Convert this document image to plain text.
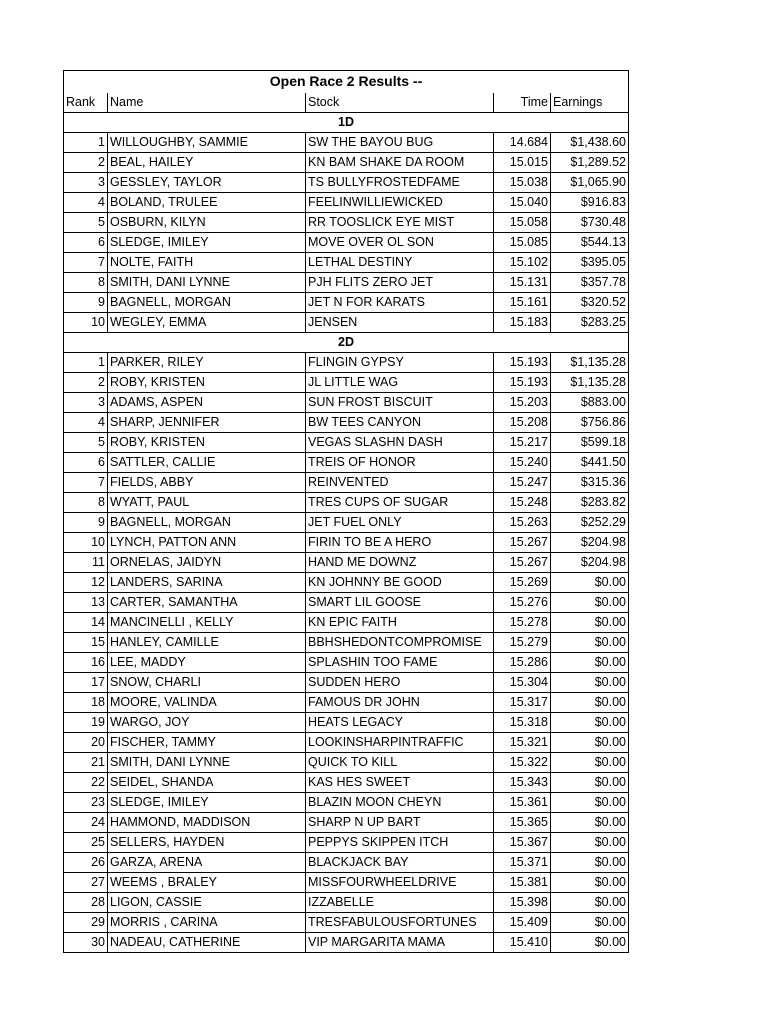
Open Race 2 Results --				
Rank	Name	Stock	Time	Earnings
1D				
1	WILLOUGHBY, SAMMIE	SW THE BAYOU BUG	14.684	$1,438.60
2	BEAL, HAILEY	KN BAM SHAKE DA ROOM	15.015	$1,289.52
3	GESSLEY, TAYLOR	TS BULLYFROSTEDFAME	15.038	$1,065.90
4	BOLAND, TRULEE	FEELINWILLIEWICKED	15.040	$916.83
5	OSBURN, KILYN	RR TOOSLICK EYE MIST	15.058	$730.48
6	SLEDGE, IMILEY	MOVE OVER OL SON	15.085	$544.13
7	NOLTE, FAITH	LETHAL DESTINY	15.102	$395.05
8	SMITH, DANI LYNNE	PJH FLITS ZERO JET	15.131	$357.78
9	BAGNELL, MORGAN	JET N FOR KARATS	15.161	$320.52
10	WEGLEY, EMMA	JENSEN	15.183	$283.25
2D				
1	PARKER, RILEY	FLINGIN GYPSY	15.193	$1,135.28
2	ROBY, KRISTEN	JL LITTLE WAG	15.193	$1,135.28
3	ADAMS, ASPEN	SUN FROST BISCUIT	15.203	$883.00
4	SHARP, JENNIFER	BW TEES CANYON	15.208	$756.86
5	ROBY, KRISTEN	VEGAS SLASHN DASH	15.217	$599.18
6	SATTLER, CALLIE	TREIS OF HONOR	15.240	$441.50
7	FIELDS, ABBY	REINVENTED	15.247	$315.36
8	WYATT, PAUL	TRES CUPS OF SUGAR	15.248	$283.82
9	BAGNELL, MORGAN	JET FUEL ONLY	15.263	$252.29
10	LYNCH, PATTON ANN	FIRIN TO BE A HERO	15.267	$204.98
11	ORNELAS, JAIDYN	HAND ME DOWNZ	15.267	$204.98
12	LANDERS, SARINA	KN JOHNNY BE GOOD	15.269	$0.00
13	CARTER, SAMANTHA	SMART LIL GOOSE	15.276	$0.00
14	MANCINELLI , KELLY	KN EPIC FAITH	15.278	$0.00
15	HANLEY, CAMILLE	BBHSHEDONTCOMPROMISE	15.279	$0.00
16	LEE, MADDY	SPLASHIN TOO FAME	15.286	$0.00
17	SNOW, CHARLI	SUDDEN HERO	15.304	$0.00
18	MOORE, VALINDA	FAMOUS DR JOHN	15.317	$0.00
19	WARGO, JOY	HEATS LEGACY	15.318	$0.00
20	FISCHER, TAMMY	LOOKINSHARPINTRAFFIC	15.321	$0.00
21	SMITH, DANI LYNNE	QUICK TO KILL	15.322	$0.00
22	SEIDEL, SHANDA	KAS HES SWEET	15.343	$0.00
23	SLEDGE, IMILEY	BLAZIN MOON CHEYN	15.361	$0.00
24	HAMMOND, MADDISON	SHARP N UP BART	15.365	$0.00
25	SELLERS, HAYDEN	PEPPYS SKIPPEN ITCH	15.367	$0.00
26	GARZA, ARENA	BLACKJACK BAY	15.371	$0.00
27	WEEMS , BRALEY	MISSFOURWHEELDRIVE	15.381	$0.00
28	LIGON, CASSIE	IZZABELLE	15.398	$0.00
29	MORRIS , CARINA	TRESFABULOUSFORTUNES	15.409	$0.00
30	NADEAU, CATHERINE	VIP MARGARITA MAMA	15.410	$0.00
